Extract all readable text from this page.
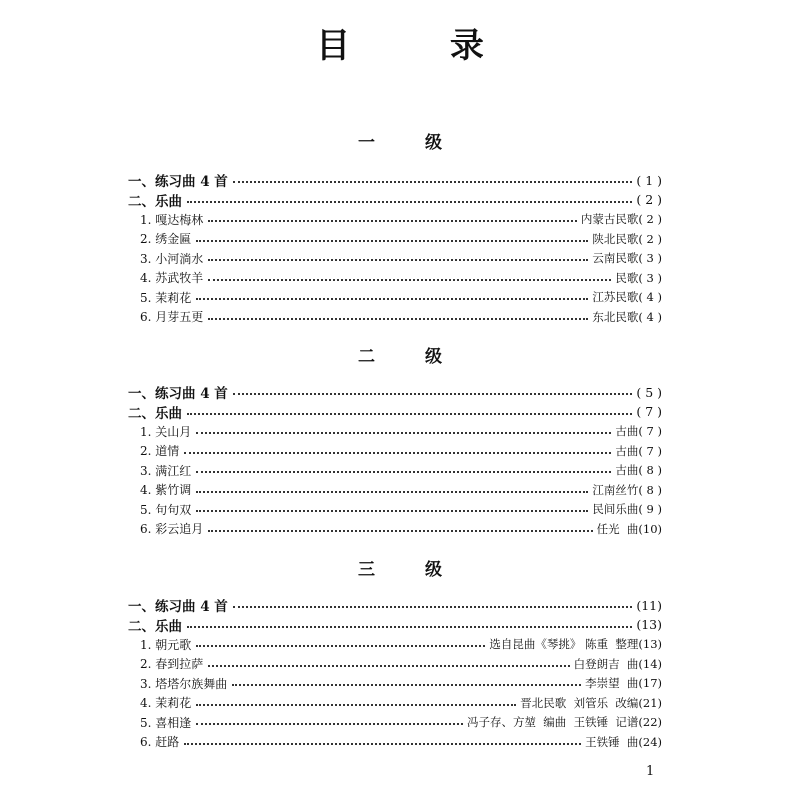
目 录
一 级
一、练习曲 4 首	( 1 )
二、乐曲	( 2 )
1. 嘎达梅林	内蒙古民歌( 2 )
2. 绣金匾	陕北民歌( 2 )
3. 小河淌水	云南民歌( 3 )
4. 苏武牧羊	民歌( 3 )
5. 茉莉花	江苏民歌( 4 )
6. 月芽五更	东北民歌( 4 )
二 级
一、练习曲 4 首	( 5 )
二、乐曲	( 7 )
1. 关山月	古曲( 7 )
2. 道情	古曲( 7 )
3. 满江红	古曲( 8 )
4. 紫竹调	江南丝竹( 8 )
5. 句句双	民间乐曲( 9 )
6. 彩云追月	任光  曲(10)
三 级
一、练习曲 4 首	(11)
二、乐曲	(13)
1. 朝元歌	选自昆曲《琴挑》 陈重  整理(13)
2. 春到拉萨	白登朗吉  曲(14)
3. 塔塔尔族舞曲	李崇望  曲(17)
4. 茉莉花	晋北民歌  刘管乐  改编(21)
5. 喜相逢	冯子存、方堃  编曲  王铁锤  记谱(22)
6. 赶路	王铁锤  曲(24)
1
